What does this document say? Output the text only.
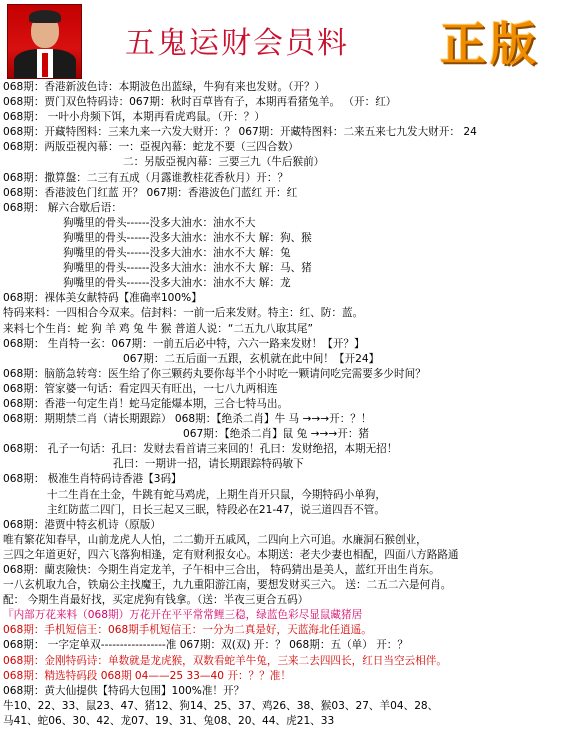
五鬼运财会员料 正版
068期：香港新波色诗：本期波色出蓝绿，牛狗有来也发财。（开？）
068期：贾门双色特码诗：067期：秋时百草皆有子，本期再看猪兔羊。 （开：红）
068期： 一叶小舟频下饵，本期再看虎鸡鼠。（开：？）
068期：开藏特图料：三来九来一六发大财开：？ 067期：开藏特图料：二来五来七九发大财开： 24
068期：两版亞視內幕：一：亞視內幕：蛇龙不要（三四合数）
二：另版亞視內幕：三要三九（牛后猴前）
068期：撒算盤：二三有五成（月露谁教桂花香秋月）开：？
068期：香港波色门红蓝 开？ 067期：香港波色门蓝红 开：红
068期： 解六合歇后语：
狗嘴里的骨头------没多大油水：油水不大
狗嘴里的骨头------没多大油水：油水不大 解：狗、猴
狗嘴里的骨头------没多大油水：油水不大 解：兔
狗嘴里的骨头------没多大油水：油水不大 解：马、猪
狗嘴里的骨头------没多大油水：油水不大 解：龙
068期：裸体美女献特码【准确率100%】
特码来料：一四相合今双来。信封料：一前一后来发财。特主：红、防：蓝。
来料七个生肖：蛇 狗 羊 鸡 兔 牛 猴 普道人说：“二五九八取其尾”
068期： 生肖特一玄：067期：一前五后必中特，六六一路来发财！【开？】
067期：二五后面一五跟，玄机就在此中间！【开24】
068期：脑筋急转弯：医生给了你三颗药丸要你每半个小时吃一颗请问吃完需要多少时间？
068期：管家婆一句话：看定四天有旺出，一七八九两相连
068期：香港一句定生肖！蛇马定能爆本期，三合七特马出。
068期：期期禁二肖（请长期跟踪） 068期：【绝杀二肖】牛 马 →→→开：？！
067期：【绝杀二肖】鼠 兔 →→→开：猪
068期： 孔子一句话：孔曰：发财去看首请三来回的！孔曰：发财绝招，本期无招！
孔曰：一期讲一招，请长期跟踪特码敏下
068期： 极准生肖特码诗香港【3码】
十二生肖在土金，牛跳有蛇马鸡虎，上期生肖开只鼠，今期特码小单狗，
主红防蓝二四门，日长三起又三眠，特段必在21-47，说三道四吾不管。
068期：港贾中特玄机诗（原版）
唯有繁花知春早，山前龙虎人人怕，二二勤开五戚风，二四向上六可追。水廉洞石猴创业，
三四之年道更好，四六飞落狗相逢，定有财利报女心。本期送：老夫少妻也相配，四面八方路路通
068期：蘭衷險快：今期生肖定龙羊，子午相中三合出， 特码猜出是美人，蓝红开出生肖东。
一八玄机取九合，铁扇公主找魔王，九九重阳游江南，要想发财买三六。 送：二五二六是何肖。
配： 今期生肖最好找，买定虎狗有钱拿。（送：半夜三更合五码）
『内部万花来料（068期）万花开在平平常常鲤三稳，绿蓝色彩尽显鼠藏猪居
068期：手机短信王：068期手机短信王：一分为二真是好，天蓝海北任逍遥。
068期： 一字定单双-----------------准 067期：双(双) 开：？ 068期：五（单） 开：？
068期：金刚特码诗：单数就是龙虎猴，双数看蛇羊牛兔，三来二去四四长，红日当空云相伴。
068期：精选特码段 068期 04——25 33—40 开：？？准！
068期：黄大仙提供【特码大包围】100%准！开？
牛10、22、33、鼠23、47、猪12、狗14、25、37、鸡26、38、猴03、27、羊04、28、
马41、蛇06、30、42、龙07、19、31、兔08、20、44、虎21、33
